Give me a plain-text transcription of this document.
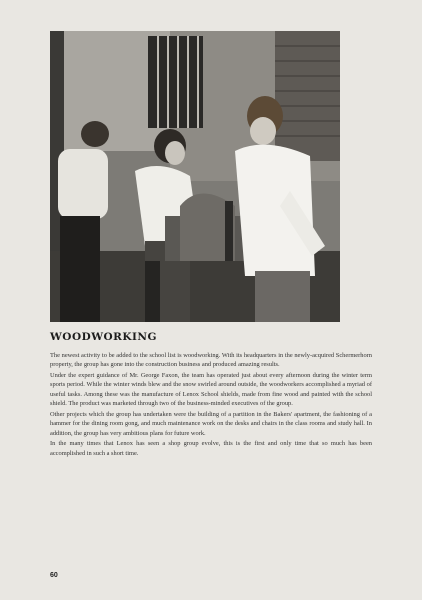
WOODWORKING

The newest activity to be added to the school list is woodworking. With its headquarters in the newly-acquired Schermerhorn property, the group has gone into the construction business and produced amazing results.

Under the expert guidance of Mr. George Faxon, the team has operated just about every afternoon during the winter term sports period. While the winter winds blew and the snow swirled around outside, the woodworkers accomplished a myriad of useful tasks. Among these was the manufacture of Lenox School shields, made from fine wood and painted with the school shield. The product was marketed through two of the business-minded executives of the group.

Other projects which the group has undertaken were the building of a partition in the Bakers' apartment, the fashioning of a hammer for the dining room gong, and much maintenance work on the desks and chairs in the class rooms and study hall. In addition, the group has very ambitious plans for future work.

In the many times that Lenox has seen a shop group evolve, this is the first and only time that so much has been accomplished in such a short time.

60
